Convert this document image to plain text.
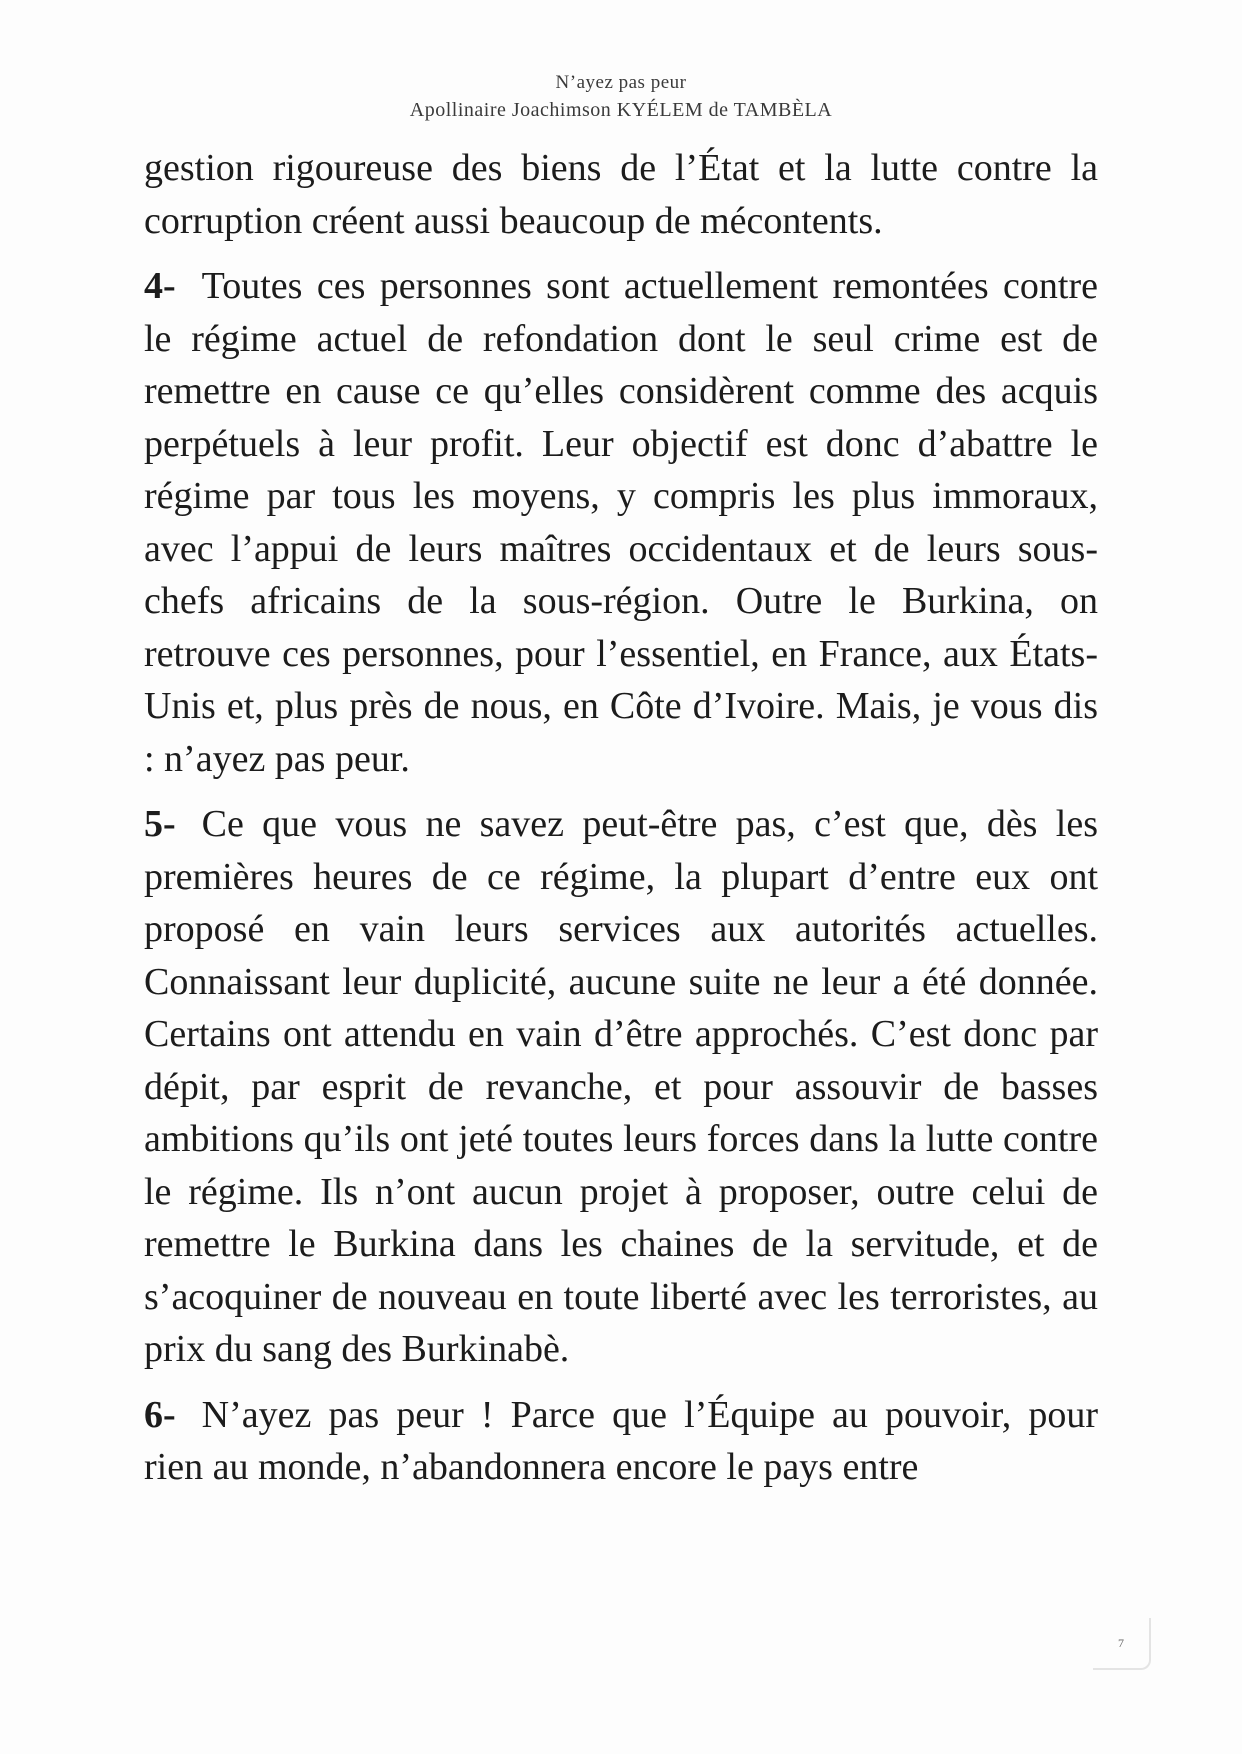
N’ayez pas peur
Apollinaire Joachimson KYÉLEM de TAMBÈLA

gestion rigoureuse des biens de l’État et la lutte contre la corruption créent aussi beaucoup de mécontents.

4- Toutes ces personnes sont actuellement remontées contre le régime actuel de refondation dont le seul crime est de remettre en cause ce qu’elles considèrent comme des acquis perpétuels à leur profit. Leur objectif est donc d’abattre le régime par tous les moyens, y compris les plus immoraux, avec l’appui de leurs maîtres occidentaux et de leurs sous-chefs africains de la sous-région. Outre le Burkina, on retrouve ces personnes, pour l’essentiel, en France, aux États-Unis et, plus près de nous, en Côte d’Ivoire. Mais, je vous dis : n’ayez pas peur.

5- Ce que vous ne savez peut-être pas, c’est que, dès les premières heures de ce régime, la plupart d’entre eux ont proposé en vain leurs services aux autorités actuelles. Connaissant leur duplicité, aucune suite ne leur a été donnée. Certains ont attendu en vain d’être approchés. C’est donc par dépit, par esprit de revanche, et pour assouvir de basses ambitions qu’ils ont jeté toutes leurs forces dans la lutte contre le régime. Ils n’ont aucun projet à proposer, outre celui de remettre le Burkina dans les chaines de la servitude, et de s’acoquiner de nouveau en toute liberté avec les terroristes, au prix du sang des Burkinabè.

6- N’ayez pas peur ! Parce que l’Équipe au pouvoir, pour rien au monde, n’abandonnera encore le pays entre

7
